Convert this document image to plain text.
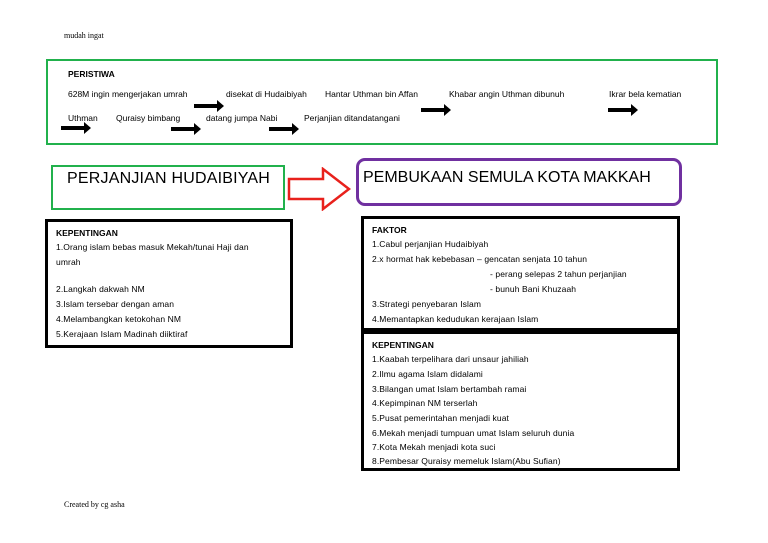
mudah ingat
PERISTIWA
628M ingin mengerjakan umrah	disekat di Hudaibiyah Hantar Uthman bin Affan	Khabar angin Uthman dibunuh	Ikrar bela kematian
Uthman Quraisy bimbang	datang jumpa Nabi	Perjanjian ditandatangani
PERJANJIAN HUDAIBIYAH	PEMBUKAAN SEMULA KOTA MAKKAH
KEPENTINGAN
1.Orang islam bebas masuk Mekah/tunai Haji dan
umrah
2.Langkah dakwah NM
3.Islam tersebar dengan aman
4.Melambangkan ketokohan NM
5.Kerajaan Islam Madinah diiktiraf
FAKTOR
1.Cabul perjanjian Hudaibiyah
2.x hormat hak kebebasan – gencatan senjata 10 tahun
- perang selepas 2 tahun perjanjian
- bunuh Bani Khuzaah
3.Strategi penyebaran Islam
4.Memantapkan kedudukan kerajaan Islam
KEPENTINGAN
1.Kaabah terpelihara dari unsaur jahiliah
2.Ilmu agama Islam didalami
3.Bilangan umat Islam bertambah ramai
4.Kepimpinan NM terserlah
5.Pusat pemerintahan menjadi kuat
6.Mekah menjadi tumpuan umat Islam seluruh dunia
7.Kota Mekah menjadi kota suci
8.Pembesar Quraisy memeluk Islam(Abu Sufian)
Created by cg asha
